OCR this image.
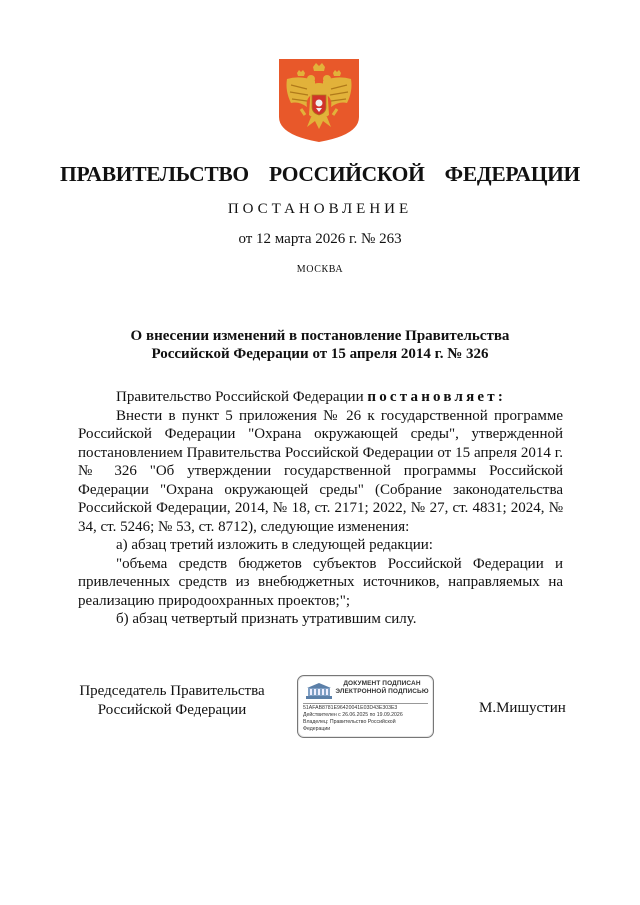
ПРАВИТЕЛЬСТВО  РОССИЙСКОЙ  ФЕДЕРАЦИИ
ПОСТАНОВЛЕНИЕ
от 12 марта 2026 г. № 263
МОСКВА
О внесении изменений в постановление Правительства
Российской Федерации от 15 апреля 2014 г. № 326

Правительство Российской Федерации постановляет:

Внести в пункт 5 приложения № 26 к государственной программе Российской Федерации "Охрана окружающей среды", утвержденной постановлением Правительства Российской Федерации от 15 апреля 2014 г. № 326 "Об утверждении государственной программы Российской Федерации "Охрана окружающей среды" (Собрание законодательства Российской Федерации, 2014, № 18, ст. 2171; 2022, № 27, ст. 4831; 2024, № 34, ст. 5246; № 53, ст. 8712), следующие изменения:

а) абзац третий изложить в следующей редакции:

"объема средств бюджетов субъектов Российской Федерации и привлеченных средств из внебюджетных источников, направляемых на реализацию природоохранных проектов;";

б) абзац четвертый признать утратившим силу.

Председатель Правительства
Российской Федерации
ДОКУМЕНТ ПОДПИСАН
ЭЛЕКТРОННОЙ ПОДПИСЬЮ
51AFAB8781E96420041E03D43E303E3
Действителен с 26.06.2025 по 19.09.2026
Владелец: Правительство Российской
Федерации
М.Мишустин
